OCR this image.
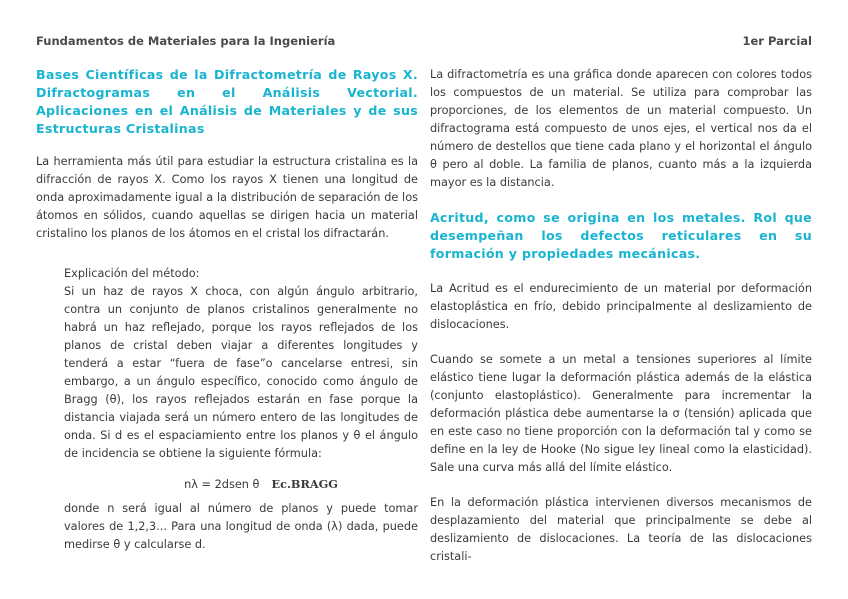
Fundamentos de Materiales para la Ingeniería	1er Parcial
Bases Científicas de la Difractometría de Rayos X. Difractogramas en el Análisis Vectorial. Aplicaciones en el Análisis de Materiales y de sus Estructuras Cristalinas

La herramienta más útil para estudiar la estructura cristalina es la difracción de rayos X. Como los rayos X tienen una longitud de onda aproximadamente igual a la distribución de separación de los átomos en sólidos, cuando aquellas se dirigen hacia un material cristalino los planos de los átomos en el cristal los difractarán.

Explicación del método:

Si un haz de rayos X choca, con algún ángulo arbitrario, contra un conjunto de planos cristalinos generalmente no habrá un haz reflejado, porque los rayos reflejados de los planos de cristal deben viajar a diferentes longitudes y tenderá a estar “fuera de fase”o cancelarse entresi, sin embargo, a un ángulo específico, conocido como ángulo de Bragg (θ), los rayos reflejados estarán en fase porque la distancia viajada será un número entero de las longitudes de onda. Si d es el espaciamiento entre los planos y θ el ángulo de incidencia se obtiene la siguiente fórmula:

nλ = 2dsen θ Ec.BRAGG

donde n será igual al número de planos y puede tomar valores de 1,2,3... Para una longitud de onda (λ) dada, puede medirse θ y calcularse d.

La difractometría es una gráfica donde aparecen con colores todos los compuestos de un material. Se utiliza para comprobar las proporciones, de los elementos de un material compuesto. Un difractograma está compuesto de unos ejes, el vertical nos da el número de destellos que tiene cada plano y el horizontal el ángulo θ pero al doble. La familia de planos, cuanto más a la izquierda mayor es la distancia.

Acritud, como se origina en los metales. Rol que desempeñan los defectos reticulares en su formación y propiedades mecánicas.

La Acritud es el endurecimiento de un material por deformación elastoplástica en frío, debido principalmente al deslizamiento de dislocaciones.

Cuando se somete a un metal a tensiones superiores al límite elástico tiene lugar la deformación plástica además de la elástica (conjunto elastoplástico). Generalmente para incrementar la deformación plástica debe aumentarse la σ (tensión) aplicada que en este caso no tiene proporción con la deformación tal y como se define en la ley de Hooke (No sigue ley lineal como la elasticidad). Sale una curva más allá del límite elástico.

En la deformación plástica intervienen diversos mecanismos de desplazamiento del material que principalmente se debe al deslizamiento de dislocaciones. La teoría de las dislocaciones cristali-
